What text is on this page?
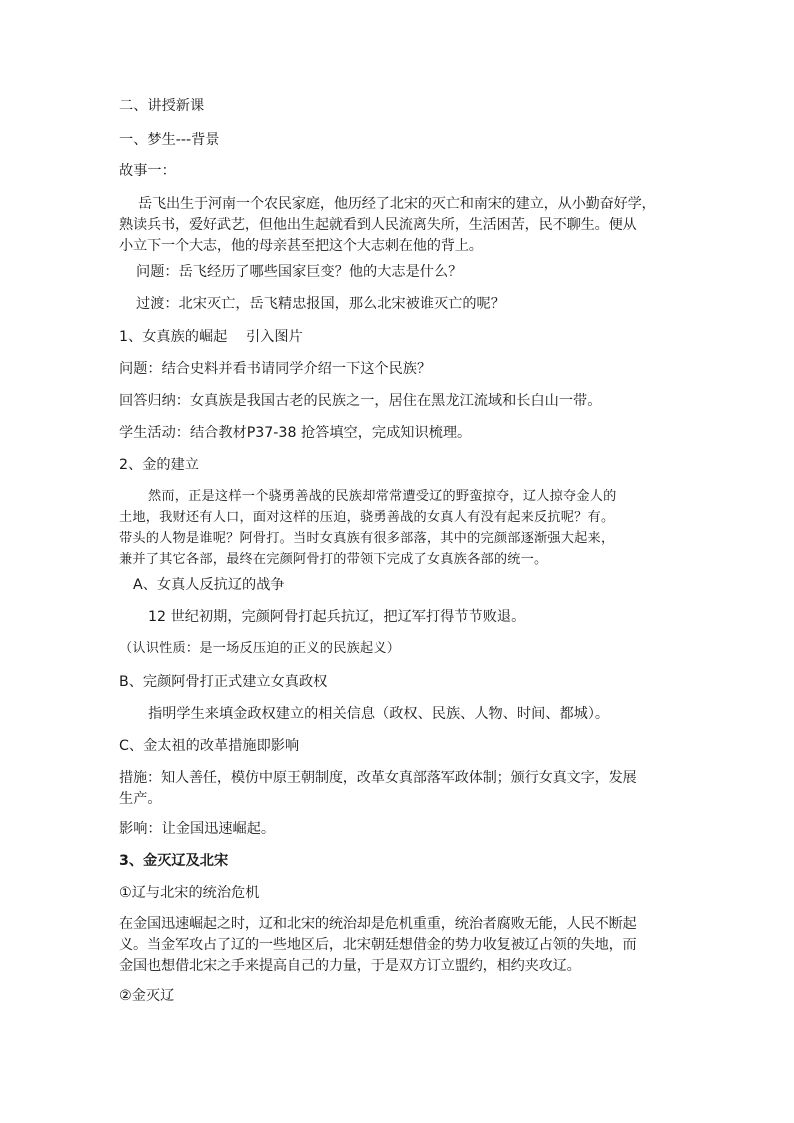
二、讲授新课
一、梦生---背景
故事一：
岳飞出生于河南一个农民家庭，他历经了北宋的灭亡和南宋的建立，从小勤奋好学，
熟读兵书，爱好武艺，但他出生起就看到人民流离失所，生活困苦，民不聊生。便从
小立下一个大志，他的母亲甚至把这个大志刺在他的背上。
问题：岳飞经历了哪些国家巨变？他的大志是什么？
过渡：北宋灭亡，岳飞精忠报国，那么北宋被谁灭亡的呢？
1、女真族的崛起　 引入图片
问题：结合史料并看书请同学介绍一下这个民族？
回答归纳：女真族是我国古老的民族之一，居住在黑龙江流域和长白山一带。
学生活动：结合教材P37-38 抢答填空，完成知识梳理。
2、金的建立
然而，正是这样一个骁勇善战的民族却常常遭受辽的野蛮掠夺，辽人掠夺金人的
土地，我财还有人口，面对这样的压迫，骁勇善战的女真人有没有起来反抗呢？有。
带头的人物是谁呢？阿骨打。当时女真族有很多部落，其中的完颜部逐渐强大起来，
兼并了其它各部，最终在完颜阿骨打的带领下完成了女真族各部的统一。
A、女真人反抗辽的战争
12 世纪初期，完颜阿骨打起兵抗辽，把辽军打得节节败退。
（认识性质：是一场反压迫的正义的民族起义）
B、完颜阿骨打正式建立女真政权
指明学生来填金政权建立的相关信息（政权、民族、人物、时间、都城）。
C、金太祖的改革措施即影响
措施：知人善任，模仿中原王朝制度，改革女真部落军政体制；颁行女真文字，发展
生产。
影响：让金国迅速崛起。
3、金灭辽及北宋
①辽与北宋的统治危机
在金国迅速崛起之时，辽和北宋的统治却是危机重重，统治者腐败无能，人民不断起
义。当金军攻占了辽的一些地区后，北宋朝廷想借金的势力收复被辽占领的失地，而
金国也想借北宋之手来提高自己的力量，于是双方订立盟约，相约夹攻辽。
②金灭辽
